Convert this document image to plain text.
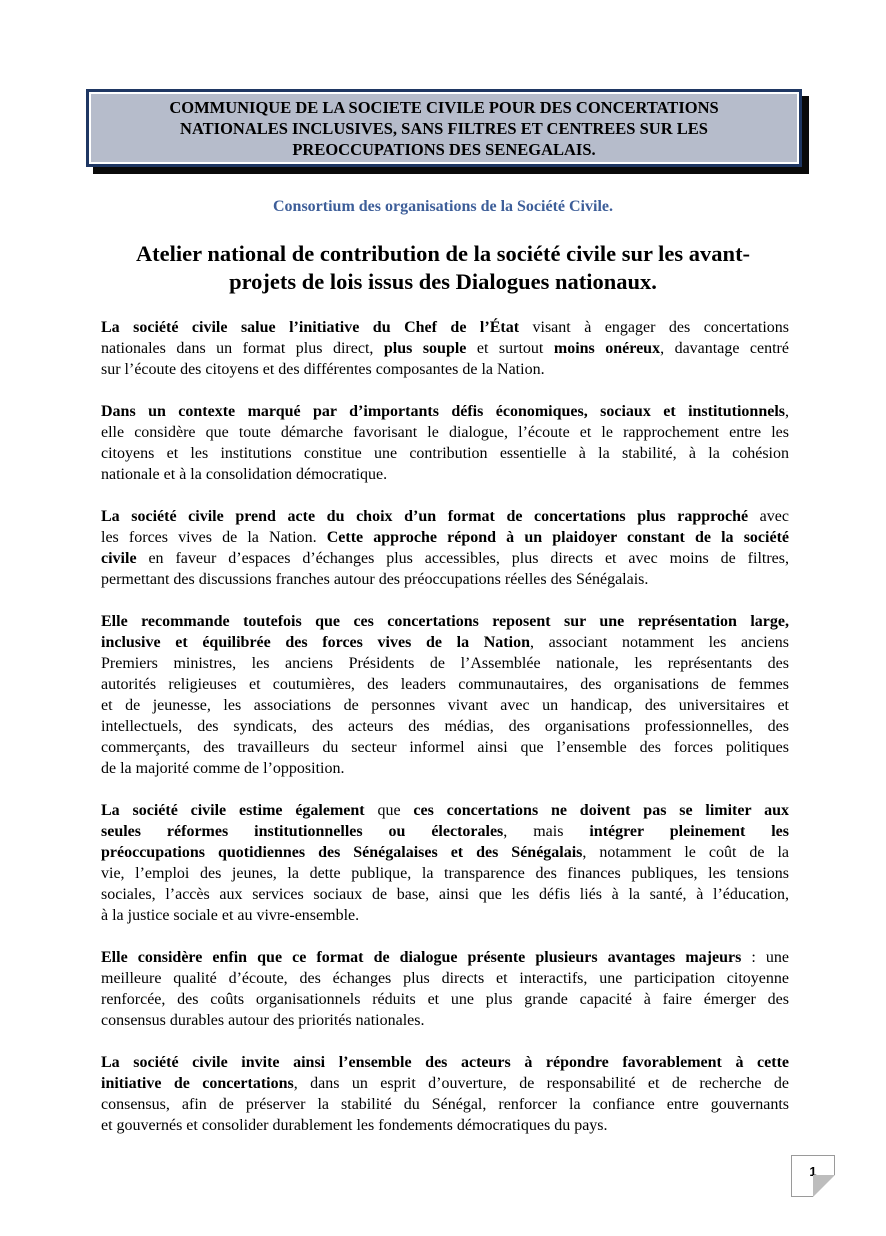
COMMUNIQUE DE LA SOCIETE CIVILE POUR DES CONCERTATIONS
NATIONALES INCLUSIVES, SANS FILTRES ET CENTREES SUR LES
PREOCCUPATIONS DES SENEGALAIS.
Consortium des organisations de la Société Civile.
Atelier national de contribution de la société civile sur les avant-
projets de lois issus des Dialogues nationaux.
La société civile salue l’initiative du Chef de l’État visant à engager des concertations
nationales dans un format plus direct, plus souple et surtout moins onéreux, davantage centré
sur l’écoute des citoyens et des différentes composantes de la Nation.
Dans un contexte marqué par d’importants défis économiques, sociaux et institutionnels,
elle considère que toute démarche favorisant le dialogue, l’écoute et le rapprochement entre les
citoyens et les institutions constitue une contribution essentielle à la stabilité, à la cohésion
nationale et à la consolidation démocratique.
La société civile prend acte du choix d’un format de concertations plus rapproché avec
les forces vives de la Nation. Cette approche répond à un plaidoyer constant de la société
civile en faveur d’espaces d’échanges plus accessibles, plus directs et avec moins de filtres,
permettant des discussions franches autour des préoccupations réelles des Sénégalais.
Elle recommande toutefois que ces concertations reposent sur une représentation large,
inclusive et équilibrée des forces vives de la Nation, associant notamment les anciens
Premiers ministres, les anciens Présidents de l’Assemblée nationale, les représentants des
autorités religieuses et coutumières, des leaders communautaires, des organisations de femmes
et de jeunesse, les associations de personnes vivant avec un handicap, des universitaires et
intellectuels, des syndicats, des acteurs des médias, des organisations professionnelles, des
commerçants, des travailleurs du secteur informel ainsi que l’ensemble des forces politiques
de la majorité comme de l’opposition.
La société civile estime également que ces concertations ne doivent pas se limiter aux
seules réformes institutionnelles ou électorales, mais intégrer pleinement les
préoccupations quotidiennes des Sénégalaises et des Sénégalais, notamment le coût de la
vie, l’emploi des jeunes, la dette publique, la transparence des finances publiques, les tensions
sociales, l’accès aux services sociaux de base, ainsi que les défis liés à la santé, à l’éducation,
à la justice sociale et au vivre-ensemble.
Elle considère enfin que ce format de dialogue présente plusieurs avantages majeurs : une
meilleure qualité d’écoute, des échanges plus directs et interactifs, une participation citoyenne
renforcée, des coûts organisationnels réduits et une plus grande capacité à faire émerger des
consensus durables autour des priorités nationales.
La société civile invite ainsi l’ensemble des acteurs à répondre favorablement à cette
initiative de concertations, dans un esprit d’ouverture, de responsabilité et de recherche de
consensus, afin de préserver la stabilité du Sénégal, renforcer la confiance entre gouvernants
et gouvernés et consolider durablement les fondements démocratiques du pays.
1
